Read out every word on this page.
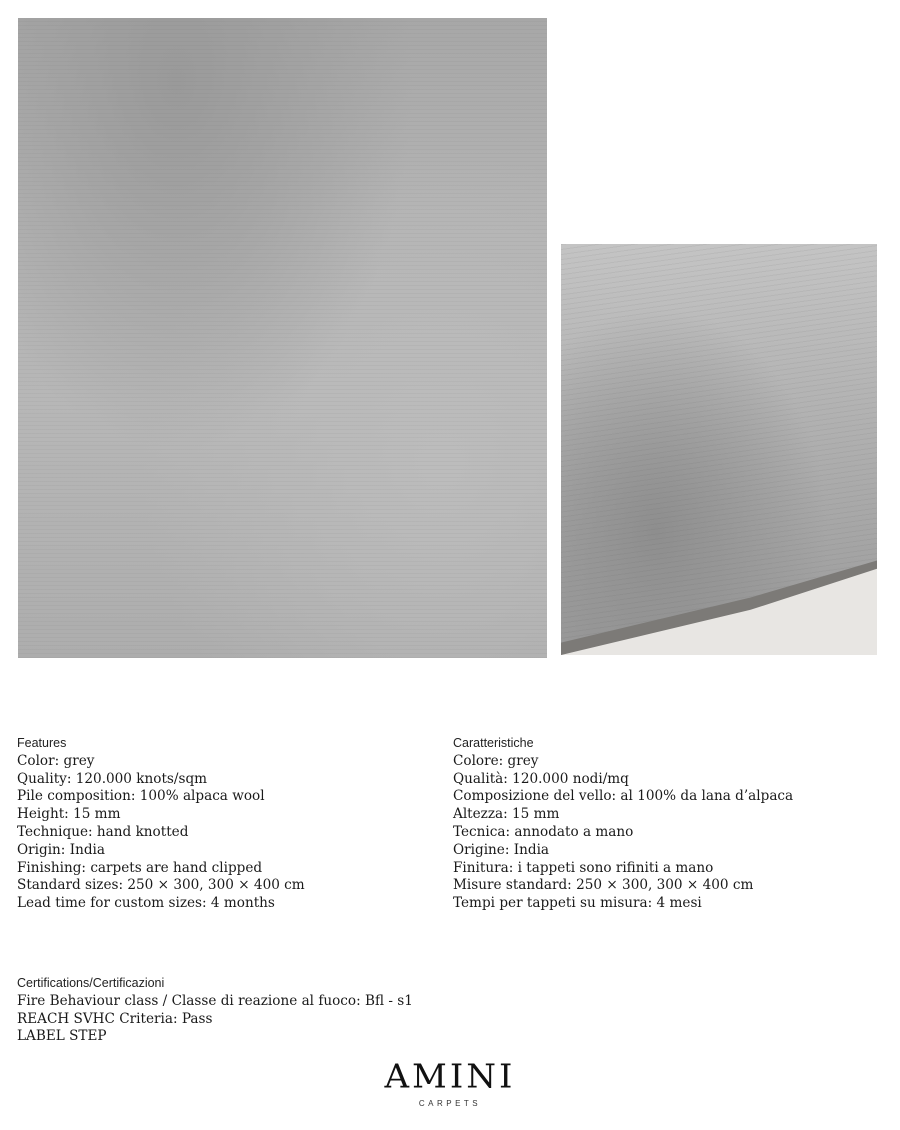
Features
Color: grey
Quality: 120.000 knots/sqm
Pile composition: 100% alpaca wool
Height: 15 mm
Technique: hand knotted
Origin: India
Finishing: carpets are hand clipped
Standard sizes: 250 × 300, 300 × 400 cm
Lead time for custom sizes: 4 months
Caratteristiche
Colore: grey
Qualità: 120.000 nodi/mq
Composizione del vello: al 100% da lana d’alpaca
Altezza: 15 mm
Tecnica: annodato a mano
Origine: India
Finitura: i tappeti sono rifiniti a mano
Misure standard: 250 × 300, 300 × 400 cm
Tempi per tappeti su misura: 4 mesi
Certifications/Certificazioni
Fire Behaviour class / Classe di reazione al fuoco: Bfl - s1
REACH SVHC Criteria: Pass
LABEL STEP
AMINI
CARPETS
